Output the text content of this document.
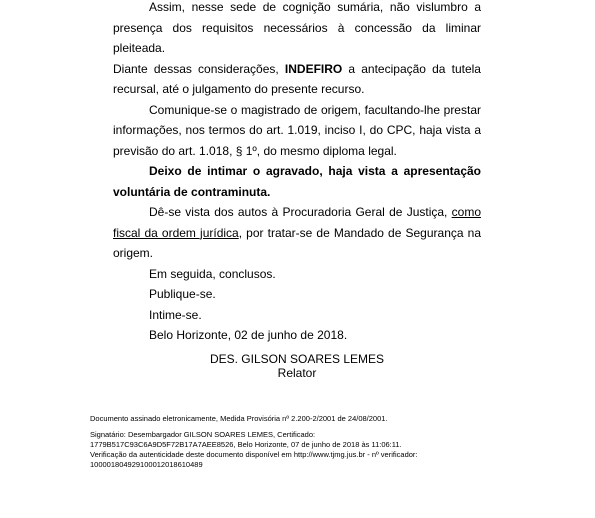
Assim, nesse sede de cognição sumária, não vislumbro a presença dos requisitos necessários à concessão da liminar pleiteada.

Diante dessas considerações, INDEFIRO a antecipação da tutela recursal, até o julgamento do presente recurso.

Comunique-se o magistrado de origem, facultando-lhe prestar informações, nos termos do art. 1.019, inciso I, do CPC, haja vista a previsão do art. 1.018, § 1º, do mesmo diploma legal.

Deixo de intimar o agravado, haja vista a apresentação voluntária de contraminuta.

Dê-se vista dos autos à Procuradoria Geral de Justiça, como fiscal da ordem jurídica, por tratar-se de Mandado de Segurança na origem.

Em seguida, conclusos.

Publique-se.

Intime-se.

Belo Horizonte, 02 de junho de 2018.

DES. GILSON SOARES LEMES
Relator

Documento assinado eletronicamente, Medida Provisória nº 2.200-2/2001 de 24/08/2001.

Signatário: Desembargador GILSON SOARES LEMES, Certificado:

1779B517C93C6A9D5F72B17A7AEE8526, Belo Horizonte, 07 de junho de 2018 às 11:06:11.

Verificação da autenticidade deste documento disponível em http://www.tjmg.jus.br - nº verificador:

10000180492910001201861048​9
